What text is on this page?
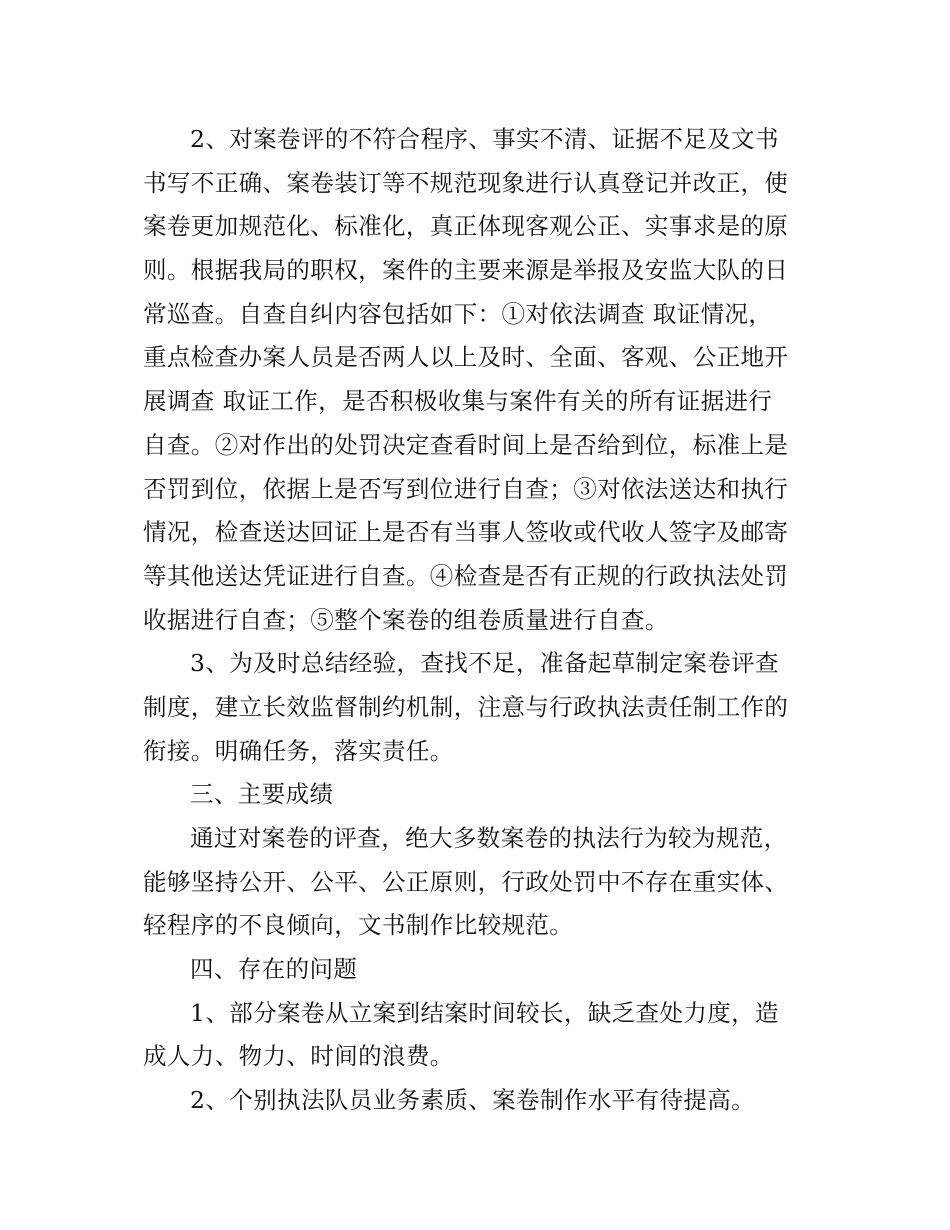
2、对案卷评的不符合程序、事实不清、证据不足及文书
书写不正确、案卷装订等不规范现象进行认真登记并改正，使
案卷更加规范化、标准化，真正体现客观公正、实事求是的原
则。根据我局的职权，案件的主要来源是举报及安监大队的日
常巡查。自查自纠内容包括如下：①对依法调查 取证情况，
重点检查办案人员是否两人以上及时、全面、客观、公正地开
展调查 取证工作，是否积极收集与案件有关的所有证据进行
自查。②对作出的处罚决定查看时间上是否给到位，标准上是
否罚到位，依据上是否写到位进行自查；③对依法送达和执行
情况，检查送达回证上是否有当事人签收或代收人签字及邮寄
等其他送达凭证进行自查。④检查是否有正规的行政执法处罚
收据进行自查；⑤整个案卷的组卷质量进行自查。
3、为及时总结经验，查找不足，准备起草制定案卷评查
制度，建立长效监督制约机制，注意与行政执法责任制工作的
衔接。明确任务，落实责任。
三、主要成绩
通过对案卷的评查，绝大多数案卷的执法行为较为规范，
能够坚持公开、公平、公正原则，行政处罚中不存在重实体、
轻程序的不良倾向，文书制作比较规范。
四、存在的问题
1、部分案卷从立案到结案时间较长，缺乏查处力度，造
成人力、物力、时间的浪费。
2、个别执法队员业务素质、案卷制作水平有待提高。
